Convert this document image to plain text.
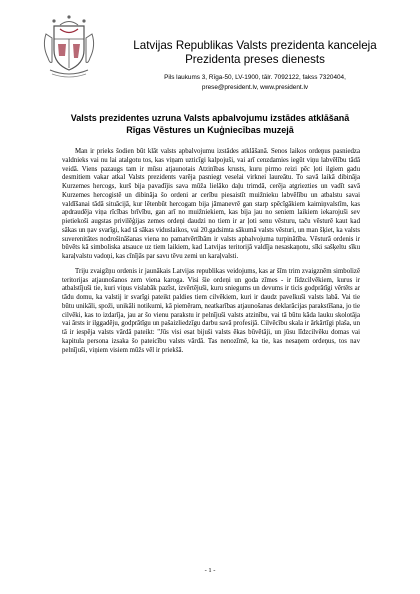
Latvijas Republikas Valsts prezidenta kanceleja
Prezidenta preses dienests
Pils laukums 3, Rīga-50, LV-1900, tālr. 7092122, fakss 7320404,
prese@president.lv, www.president.lv
Valsts prezidentes uzruna Valsts apbalvojumu izstādes atklāšanā
Rīgas Vēstures un Kuģniecības muzejā

Man ir prieks šodien būt klāt valsts apbalvojumu izstādes atklāšanā. Senos laikos ordeņus pasniedza valdnieks vai nu lai atalgotu tos, kas viņam uzticīgi kalpojuši, vai arī cenzdamies iegūt viņu labvēlību tādā veidā. Viens pazaugs tam ir mūsu atjaunotais Atzinības krusts, kuru pirmo reizi pēc ļoti ilgiem gadu desmitiem vakar atkal Valsts prezidents varēja pasniegt veselai virknei laureātu. To savā laikā dibināja Kurzemes hercogs, kurš bija pavadījis sava mūža lielāko daļu trimdā, cerēja atgriezties un vadīt savā Kurzemes hercogistē un dibināja šo ordeni ar cerību piesaistīt muižnieku labvēlību un atbalstu savai valdīšanai tādā situācijā, kur lētenbūt hercogam bija jāmanevrē gan starp spēcīgākiem kaimiņvalstīm, kas apdraudēja viņa rīcības brīvību, gan arī no muižniekiem, kas bija jau no seniem laikiem iekarojuši sev pietiekoši augstas privilēģijas zemes ordeņi daudzi no tiem ir ar ļoti senu vēsturu, taču vēsturē kaut kad sākas un ņav svarīgi, kad tā sākas viduslaikos, vai 20.gadsimta sākumā valsts vēsturi, un man šķiet, ka valsts suverenitātes nodrošināšanas viena no pamatvērtībām ir valsts apbalvojuma turpinātība. Vēsturā ordenis ir būvēts kā simboliska atsauce uz tiem laikiem, kad Latvijas teritorijā valdīja nesaskaņotu, sīki sašķeltu sīku karaļvalstu vadoņi, kas cīnījās par savu tēvu zemi un karaļvalsti.

Triju zvaigžņu ordenis ir jaunākais Latvijas republikas veidojums, kas ar šīm trim zvaigznēm simbolizē teritorijas atjaunošanos zem viena karoga. Visi šie ordeņi un goda zīmes - ir līdzcilvēkiem, kurus ir atbalstījuši tie, kuri viņus vislabāk pazīst, izvērtējuši, kuru sniegums un devums ir ticis godprātīgi vērtēts ar tādu domu, ka valstij ir svarīgi pateikt paldies tiem cilvēkiem, kuri ir daudz pavelkuši valsts labā. Vai tie būtu unikāli, spoži, unikāli notikumi, kā piemēram, neatkarības atjaunošanas deklarācijas parakstīšana, jo tie cilvēki, kas to izdarīja, jau ar šo vienu parakstu ir pelnījuši valsts atzinību, vai tā būtu kāda lauku skolotāja vai ārsts ir ilggadēju, godprātīgu un pašaizliedzīgu darbu savā profesijā. Cilvēcību skala ir ārkārtīgi plaša, un tā ir iespēja valsts vārdā pateikt: "Jūs visi esat bijuši valsts ēkas būvētāji, un jūsu līdzcilvēku domas vai kapitula persona izsaka šo pateicību valsts vārdā. Tas nenozīmē, ka tie, kas nesaņem ordeņus, tos nav pelnījuši, viņiem visiem mūžs vēl ir priekšā.

- 1 -
